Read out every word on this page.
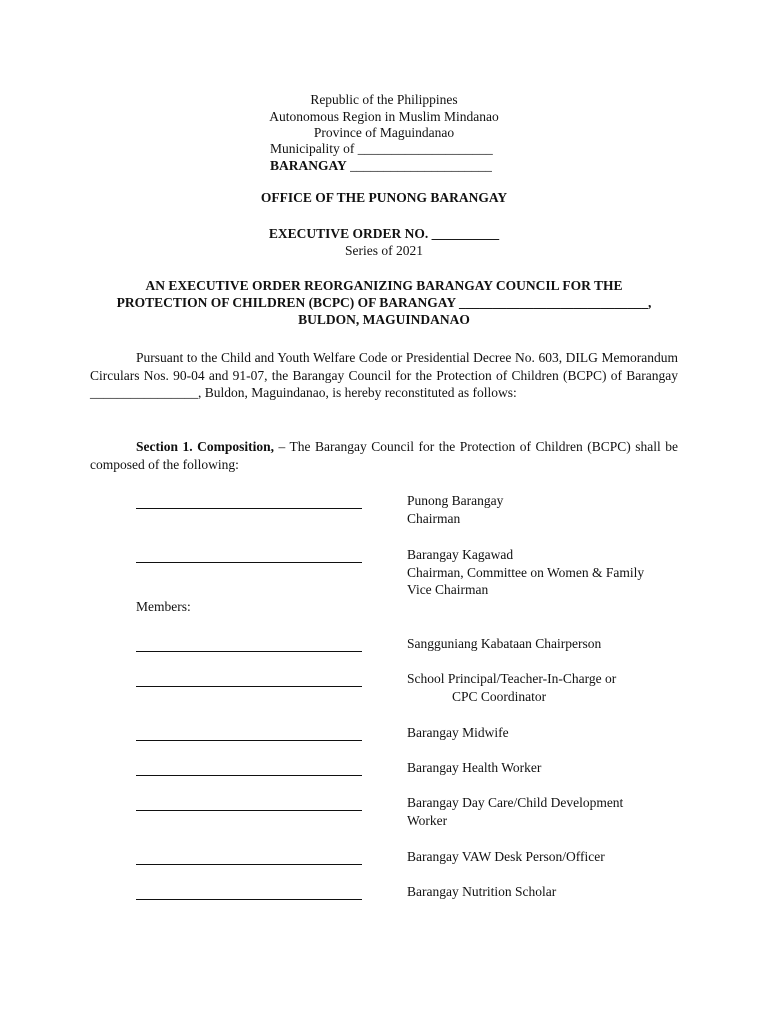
Republic of the Philippines
Autonomous Region in Muslim Mindanao
Province of Maguindanao
Municipality of ____________________
BARANGAY _____________________
OFFICE OF THE PUNONG BARANGAY
EXECUTIVE ORDER NO. __________
Series of 2021
AN EXECUTIVE ORDER REORGANIZING BARANGAY COUNCIL FOR THE
PROTECTION OF CHILDREN (BCPC) OF BARANGAY ____________________________,
BULDON, MAGUINDANAO
Pursuant to the Child and Youth Welfare Code or Presidential Decree No. 603, DILG Memorandum Circulars Nos. 90-04 and 91-07, the Barangay Council for the Protection of Children (BCPC) of Barangay ________________, Buldon, Maguindanao, is hereby reconstituted as follows:
Section 1. Composition, – The Barangay Council for the Protection of Children (BCPC) shall be composed of the following:
Punong Barangay
Chairman
Barangay Kagawad
Chairman, Committee on Women & Family
Vice Chairman
Members:
Sangguniang Kabataan Chairperson
School Principal/Teacher-In-Charge or
CPC Coordinator
Barangay Midwife
Barangay Health Worker
Barangay Day Care/Child Development
Worker
Barangay VAW Desk Person/Officer
Barangay Nutrition Scholar
